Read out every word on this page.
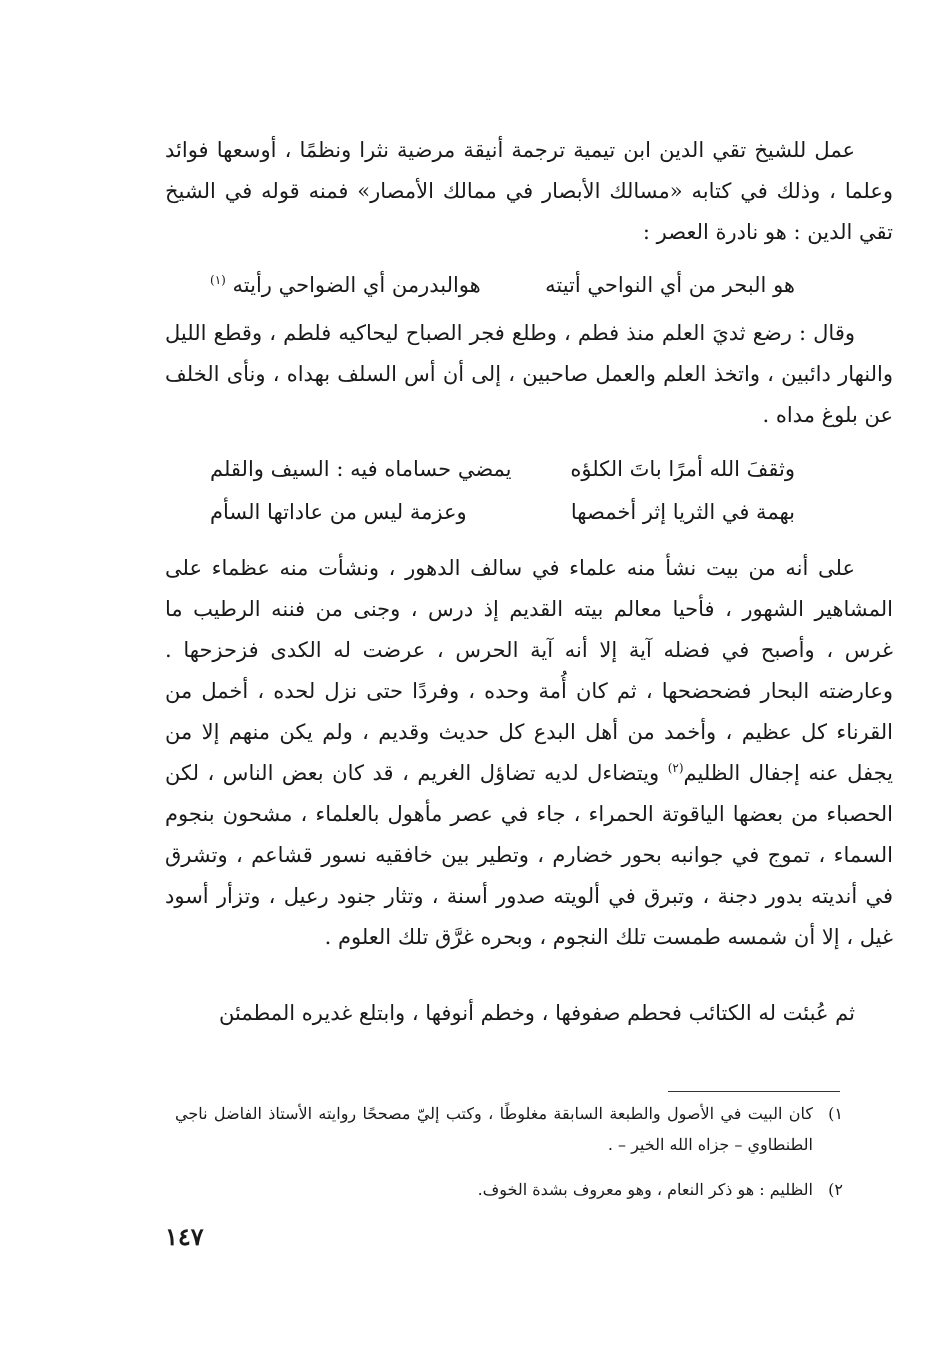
عمل للشيخ تقي الدين ابن تيمية ترجمة أنيقة مرضية نثرا ونظمًا ، أوسعها فوائد وعلما ، وذلك في كتابه «مسالك الأبصار في ممالك الأمصار» فمنه قوله في الشيخ تقي الدين : هو نادرة العصر :
هو البحر من أي النواحي أتيته
هوالبدرمن أي الضواحي رأيته $^{(١)}$
وقال : رضع ثديَ العلم منذ فطم ، وطلع فجر الصباح ليحاكيه فلطم ، وقطع الليل والنهار دائبين ، واتخذ العلم والعمل صاحبين ، إلى أن أس السلف بهداه ، ونأى الخلف عن بلوغ مداه .
وثقفَ الله أمرًا باتَ الكلؤه
يمضي حساماه فيه : السيف والقلم
بهمة في الثريا إثر أخمصها
وعزمة ليس من عاداتها السأم
على أنه من بيت نشأ منه علماء في سالف الدهور ، ونشأت منه عظماء على المشاهير الشهور ، فأحيا معالم بيته القديم إذ درس ، وجنى من فننه الرطيب ما غرس ، وأصبح في فضله آية إلا أنه آية الحرس ، عرضت له الكدى فزحزحها . وعارضته البحار فضحضحها ، ثم كان أُمة وحده ، وفردًا حتى نزل لحده ، أخمل من القرناء كل عظيم ، وأخمد من أهل البدع كل حديث وقديم ، ولم يكن منهم إلا من يجفل عنه إجفال الظليم$^{(٢)}$ ويتضاءل لديه تضاؤل الغريم ، قد كان بعض الناس ، لكن الحصباء من بعضها الياقوتة الحمراء ، جاء في عصر مأهول بالعلماء ، مشحون بنجوم السماء ، تموج في جوانبه بحور خضارم ، وتطير بين خافقيه نسور قشاعم ، وتشرق في أنديته بدور دجنة ، وتبرق في ألويته صدور أسنة ، وتثار جنود رعيل ، وتزأر أسود غيل ، إلا أن شمسه طمست تلك النجوم ، وبحره غرَّق تلك العلوم .
ثم عُبئت له الكتائب فحطم صفوفها ، وخطم أنوفها ، وابتلع غديره المطمئن
١)
كان البيت في الأصول والطبعة السابقة مغلوطًا ، وكتب إليّ مصححًا روايته الأستاذ الفاضل ناجي الطنطاوي – جزاه الله الخير – .
٢)
الظليم : هو ذكر النعام ، وهو معروف بشدة الخوف.
١٤٧
